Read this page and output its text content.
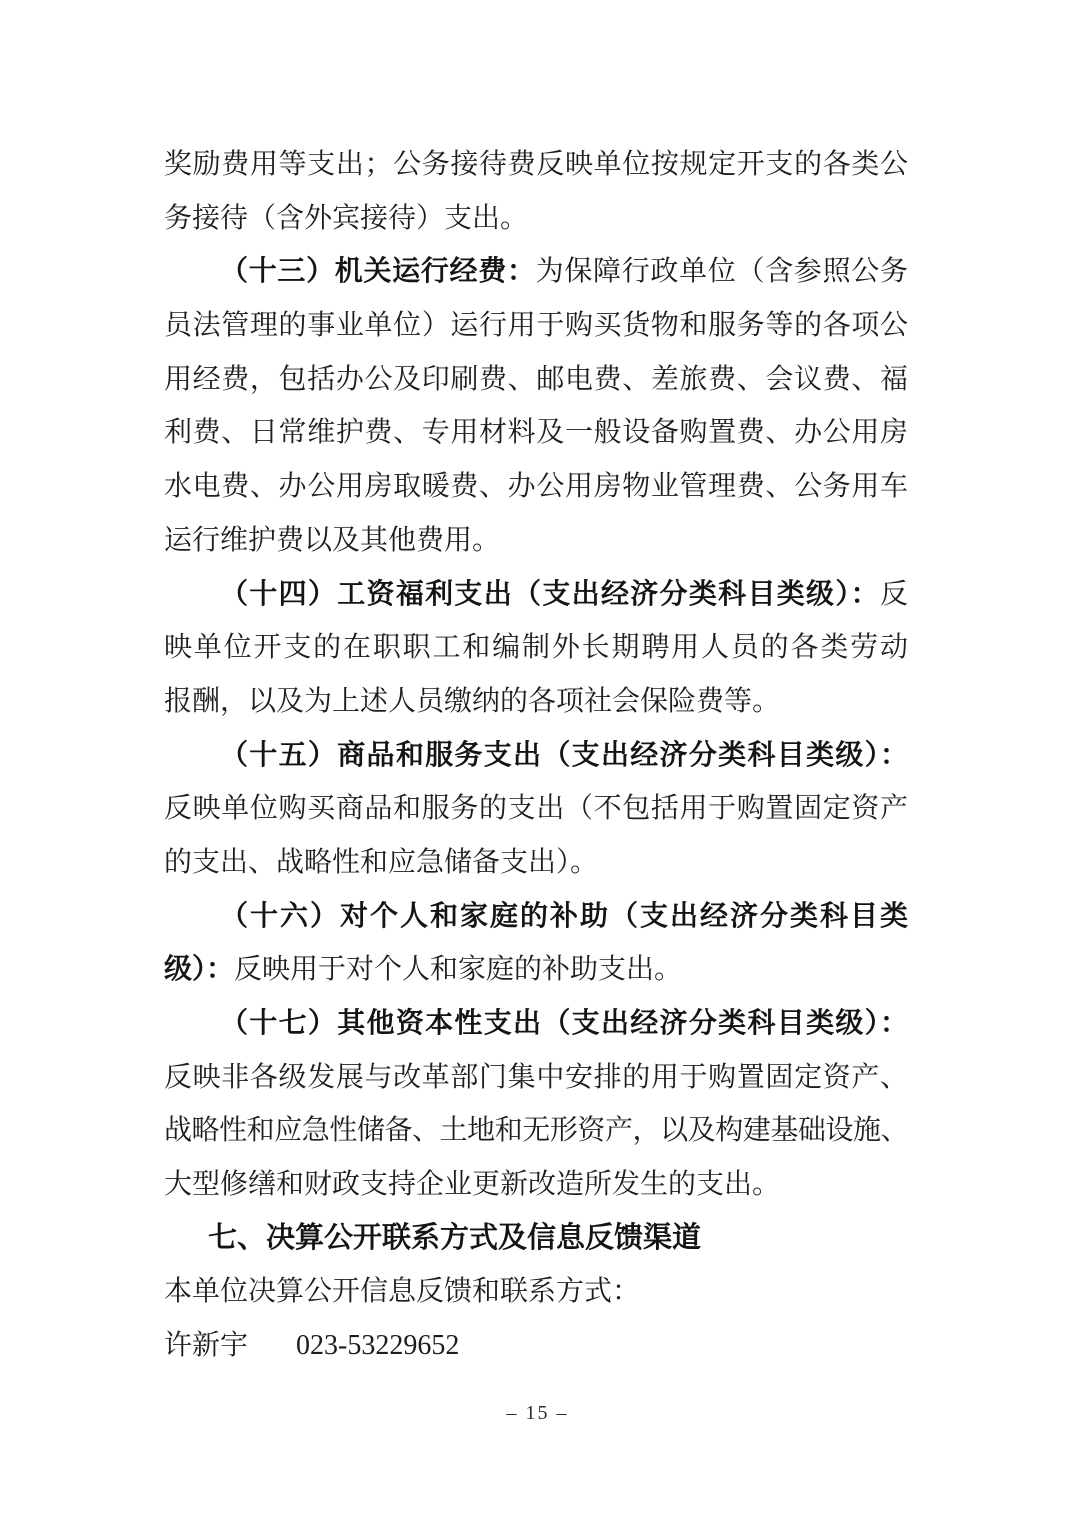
奖励费用等支出；公务接待费反映单位按规定开支的各类公
务接待（含外宾接待）支出。
（十三）机关运行经费：为保障行政单位（含参照公务
员法管理的事业单位）运行用于购买货物和服务等的各项公
用经费，包括办公及印刷费、邮电费、差旅费、会议费、福
利费、日常维护费、专用材料及一般设备购置费、办公用房
水电费、办公用房取暖费、办公用房物业管理费、公务用车
运行维护费以及其他费用。
（十四）工资福利支出（支出经济分类科目类级）：反
映单位开支的在职职工和编制外长期聘用人员的各类劳动
报酬，以及为上述人员缴纳的各项社会保险费等。
（十五）商品和服务支出（支出经济分类科目类级）：
反映单位购买商品和服务的支出（不包括用于购置固定资产
的支出、战略性和应急储备支出）。
（十六）对个人和家庭的补助（支出经济分类科目类
级）：反映用于对个人和家庭的补助支出。
（十七）其他资本性支出（支出经济分类科目类级）：
反映非各级发展与改革部门集中安排的用于购置固定资产、
战略性和应急性储备、土地和无形资产，以及构建基础设施、
大型修缮和财政支持企业更新改造所发生的支出。
七、决算公开联系方式及信息反馈渠道
本单位决算公开信息反馈和联系方式：
许新宇 023-53229652
– 15 –
